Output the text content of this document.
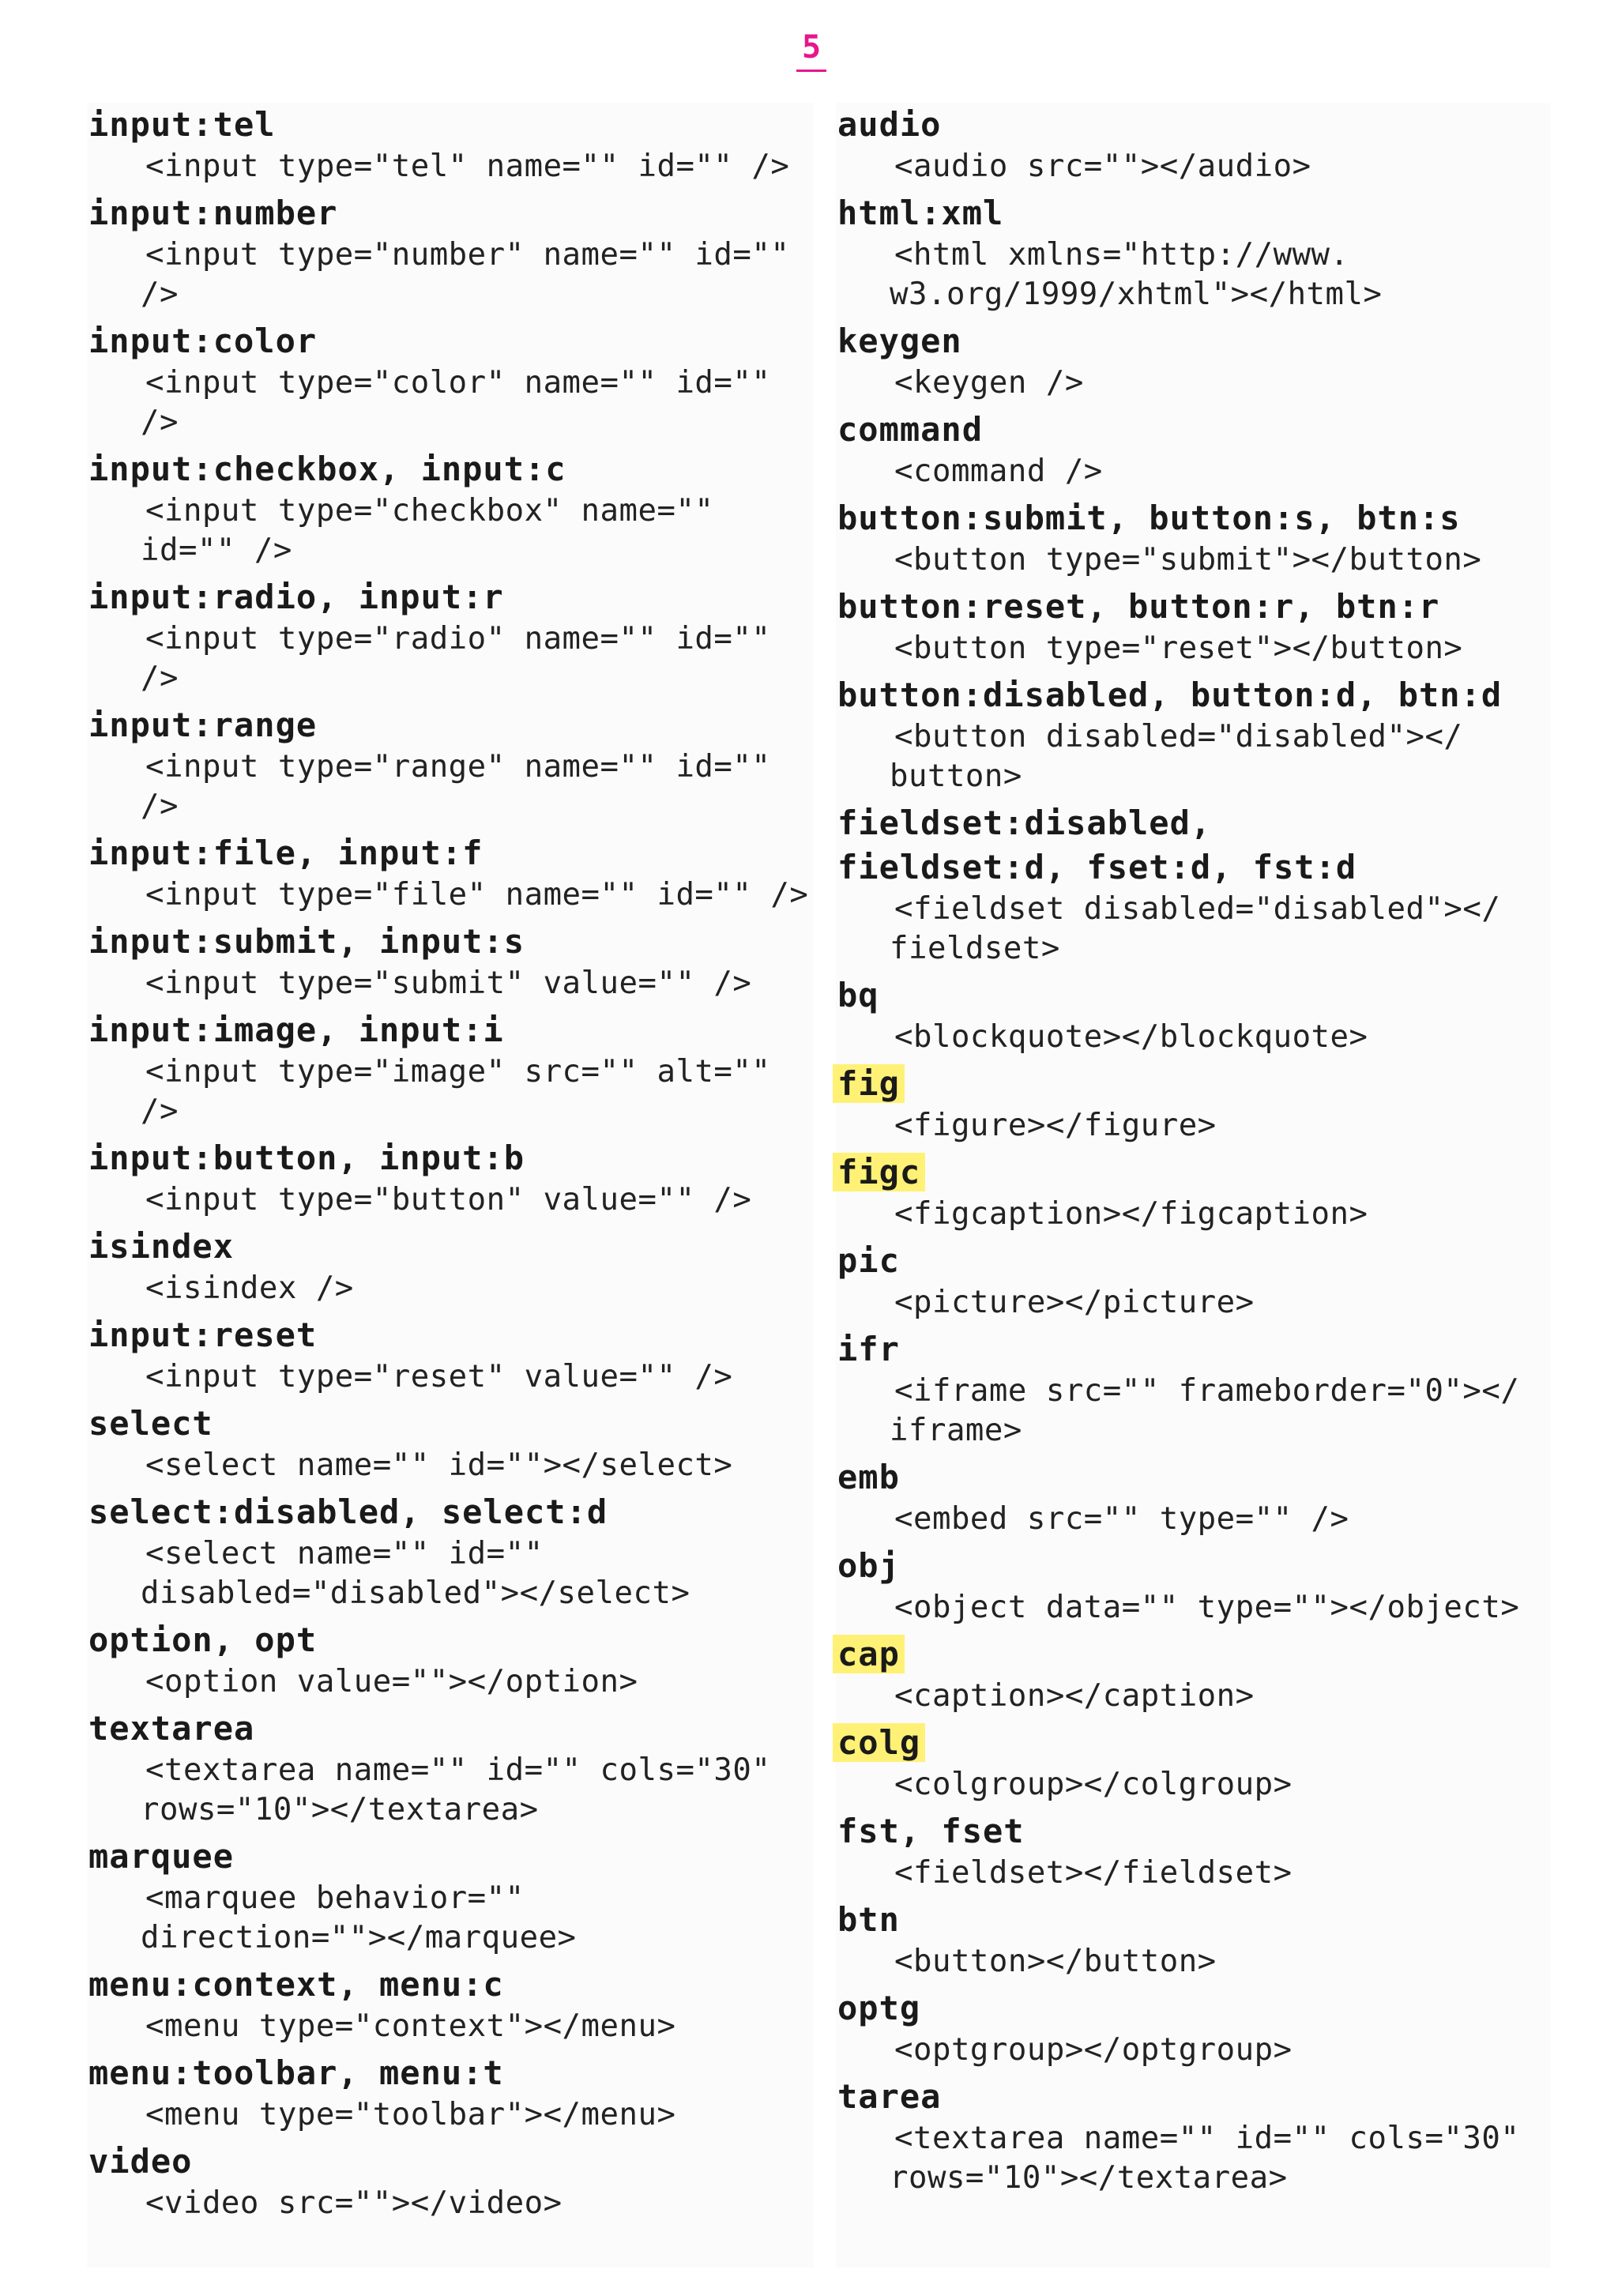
5
input:tel
<input type="tel" name="" id="" />
input:number
<input type="number" name="" id=""
/>
input:color
<input type="color" name="" id=""
/>
input:checkbox, input:c
<input type="checkbox" name=""
id="" />
input:radio, input:r
<input type="radio" name="" id=""
/>
input:range
<input type="range" name="" id=""
/>
input:file, input:f
<input type="file" name="" id="" />
input:submit, input:s
<input type="submit" value="" />
input:image, input:i
<input type="image" src="" alt=""
/>
input:button, input:b
<input type="button" value="" />
isindex
<isindex />
input:reset
<input type="reset" value="" />
select
<select name="" id=""></select>
select:disabled, select:d
<select name="" id=""
disabled="disabled"></select>
option, opt
<option value=""></option>
textarea
<textarea name="" id="" cols="30"
rows="10"></textarea>
marquee
<marquee behavior=""
direction=""></marquee>
menu:context, menu:c
<menu type="context"></menu>
menu:toolbar, menu:t
<menu type="toolbar"></menu>
video
<video src=""></video>
audio
<audio src=""></audio>
html:xml
<html xmlns="http://www.
w3.org/1999/xhtml"></html>
keygen
<keygen />
command
<command />
button:submit, button:s, btn:s
<button type="submit"></button>
button:reset, button:r, btn:r
<button type="reset"></button>
button:disabled, button:d, btn:d
<button disabled="disabled"></
button>
fieldset:disabled,
fieldset:d, fset:d, fst:d
<fieldset disabled="disabled"></
fieldset>
bq
<blockquote></blockquote>
fig
<figure></figure>
figc
<figcaption></figcaption>
pic
<picture></picture>
ifr
<iframe src="" frameborder="0"></
iframe>
emb
<embed src="" type="" />
obj
<object data="" type=""></object>
cap
<caption></caption>
colg
<colgroup></colgroup>
fst, fset
<fieldset></fieldset>
btn
<button></button>
optg
<optgroup></optgroup>
tarea
<textarea name="" id="" cols="30"
rows="10"></textarea>
